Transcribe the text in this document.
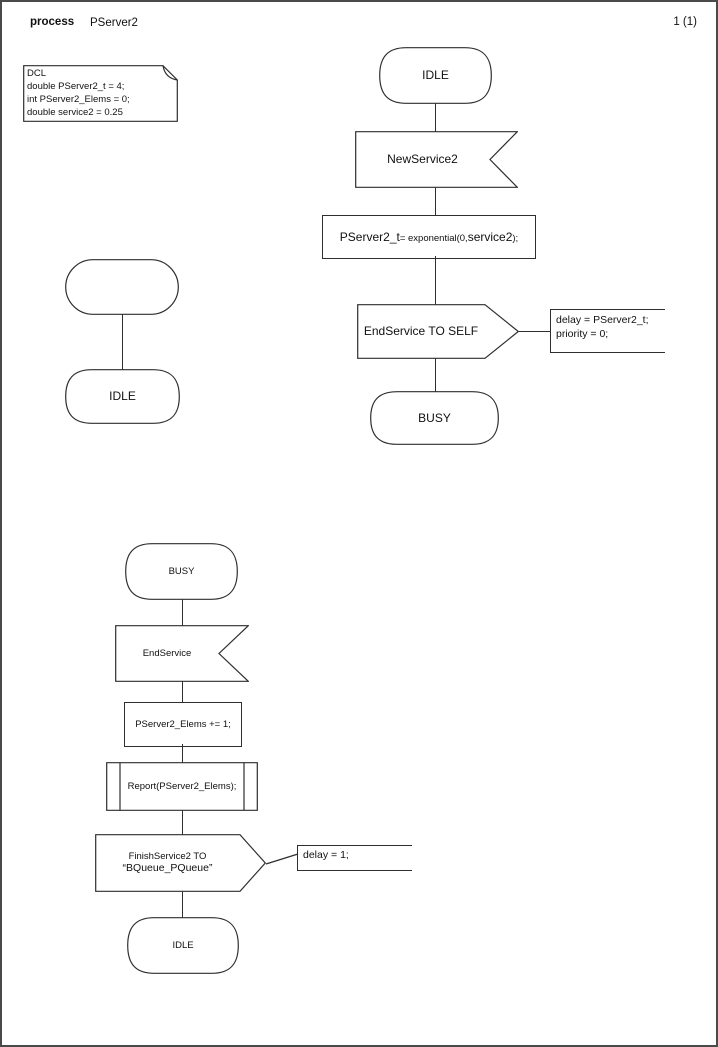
process PServer2	1 (1)
DCL
double PServer2_t = 4;
int PServer2_Elems = 0;
double service2 = 0.25
IDLE
IDLE
NewService2
PServer2_t = exponential(0, service2 );
EndService TO SELF
delay = PServer2_t;
priority = 0;
BUSY
BUSY
EndService
PServer2_Elems += 1;
Report(PServer2_Elems);
FinishService2 TO
“BQueue_PQueue”
delay = 1;
IDLE
